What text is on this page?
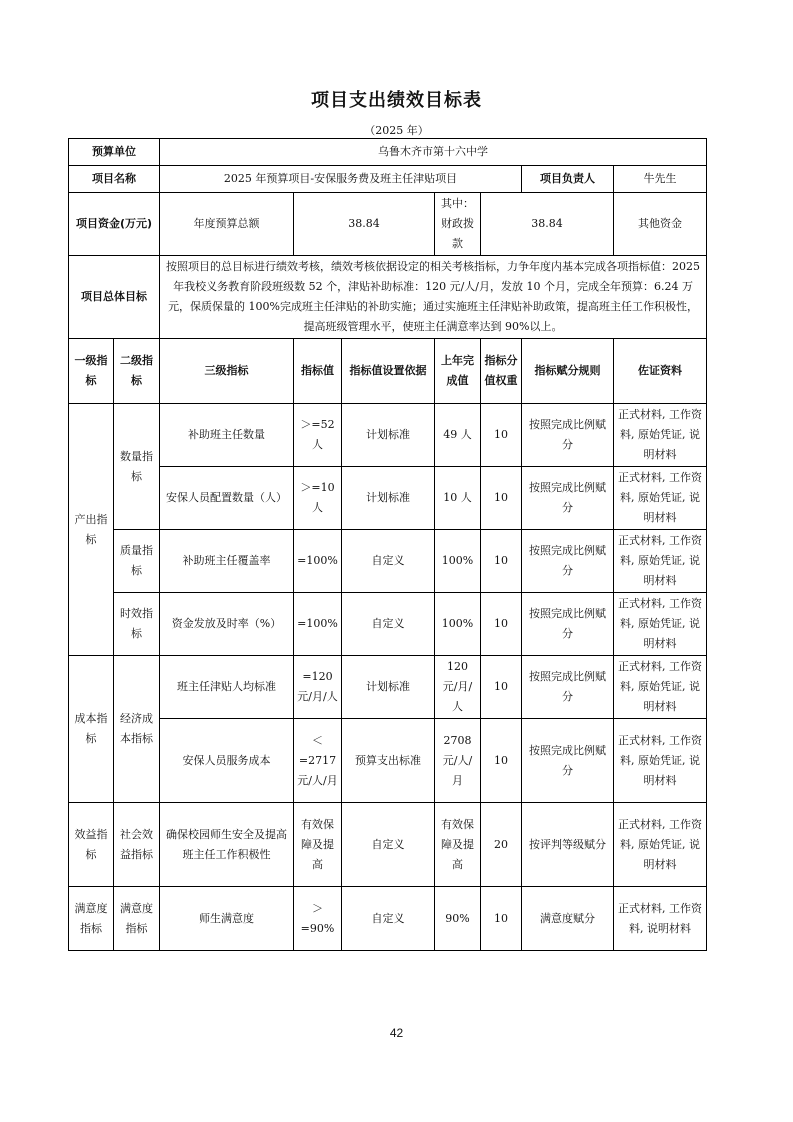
项目支出绩效目标表
（2025 年）
预算单位		乌鲁木齐市第十六中学							
项目名称		2025 年预算项目-安保服务费及班主任津贴项目					项目负责人	牛先生	
项目资金(万元)		年度预算总额	38.84		其中：财政拨款	38.84		其他资金	
项目总体目标		按照项目的总目标进行绩效考核，绩效考核依据设定的相关考核指标，力争年度内基本完成各项指标值：2025 年我校义务教育阶段班级数 52 个，津贴补助标准：120 元/人/月，发放 10 个月，完成全年预算：6.24 万元，保质保量的 100%完成班主任津贴的补助实施；通过实施班主任津贴补助政策，提高班主任工作积极性，提高班级管理水平，使班主任满意率达到 90%以上。							
一级指标	二级指标	三级指标	指标值	指标值设置依据	上年完成值	指标分值权重	指标赋分规则	佐证资料	
产出指标	数量指标	补助班主任数量	＞=52 人	计划标准	49 人	10	按照完成比例赋分	正式材料, 工作资料, 原始凭证, 说明材料	
		安保人员配置数量（人）	＞=10 人	计划标准	10 人	10	按照完成比例赋分	正式材料, 工作资料, 原始凭证, 说明材料	
	质量指标	补助班主任覆盖率	=100%	自定义	100%	10	按照完成比例赋分	正式材料, 工作资料, 原始凭证, 说明材料	
	时效指标	资金发放及时率（%）	=100%	自定义	100%	10	按照完成比例赋分	正式材料, 工作资料, 原始凭证, 说明材料	
成本指标	经济成本指标	班主任津贴人均标准	=120 元/月/人	计划标准	120 元/月/人	10	按照完成比例赋分	正式材料, 工作资料, 原始凭证, 说明材料	
		安保人员服务成本	＜=2717 元/人/月	预算支出标准	2708 元/人/月	10	按照完成比例赋分	正式材料, 工作资料, 原始凭证, 说明材料	
效益指标	社会效益指标	确保校园师生安全及提高班主任工作积极性	有效保障及提高	自定义	有效保障及提高	20	按评判等级赋分	正式材料, 工作资料, 原始凭证, 说明材料	
满意度指标	满意度指标	师生满意度	＞=90%	自定义	90%	10	满意度赋分	正式材料, 工作资料, 说明材料	
42
